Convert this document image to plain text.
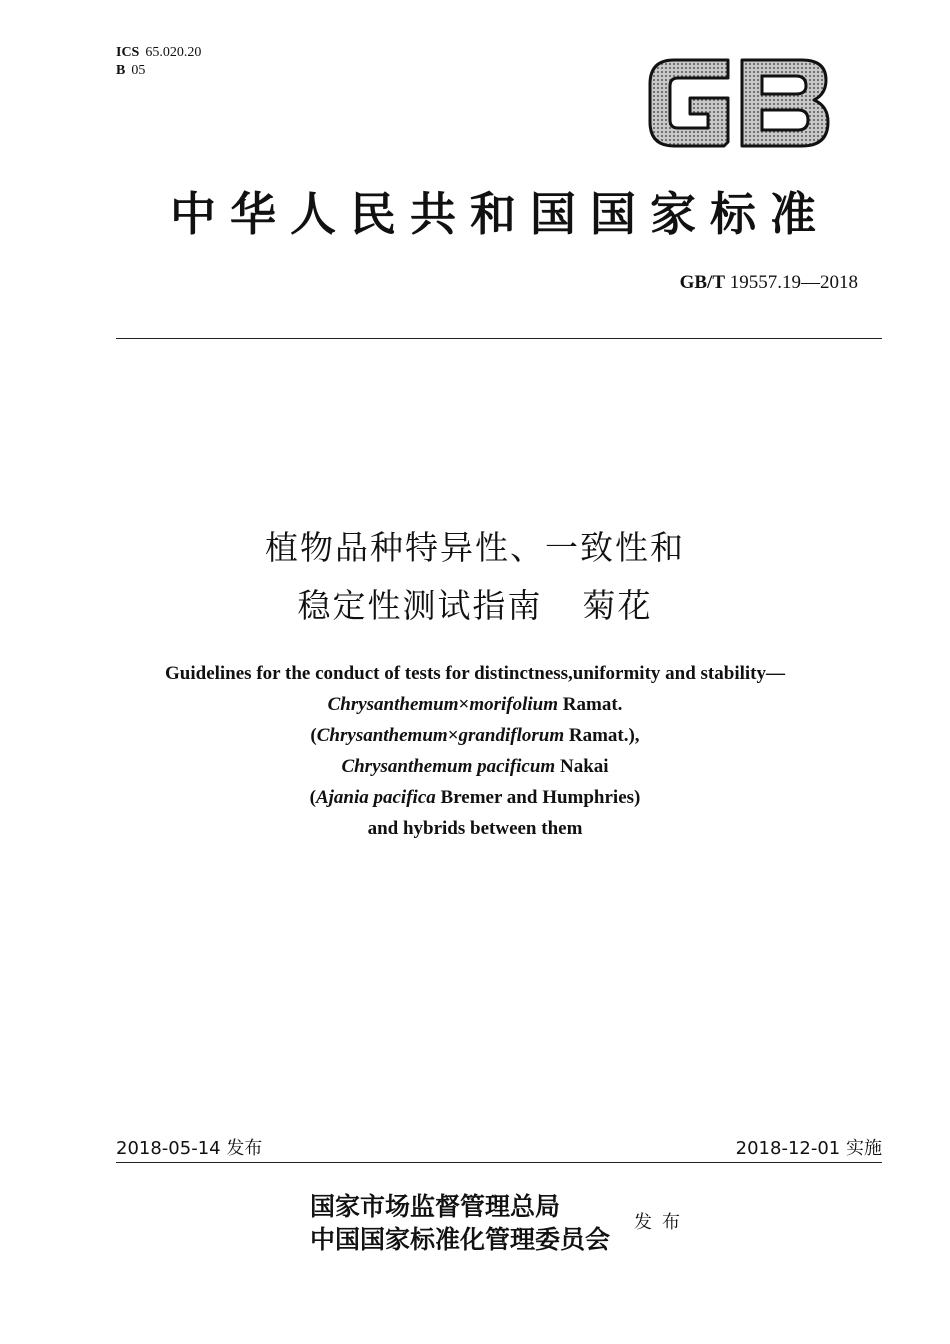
ICS 65.020.20
B 05
中华人民共和国国家标准
GB/T 19557.19—2018
植物品种特异性、一致性和
稳定性测试指南 菊花
Guidelines for the conduct of tests for distinctness,uniformity and stability—
Chrysanthemum×morifolium Ramat.
(Chrysanthemum×grandiflorum Ramat.),
Chrysanthemum pacificum Nakai
(Ajania pacifica Bremer and Humphries)
and hybrids between them
2018-05-14 发布	2018-12-01 实施
国家市场监督管理总局
中国国家标准化管理委员会
发布
